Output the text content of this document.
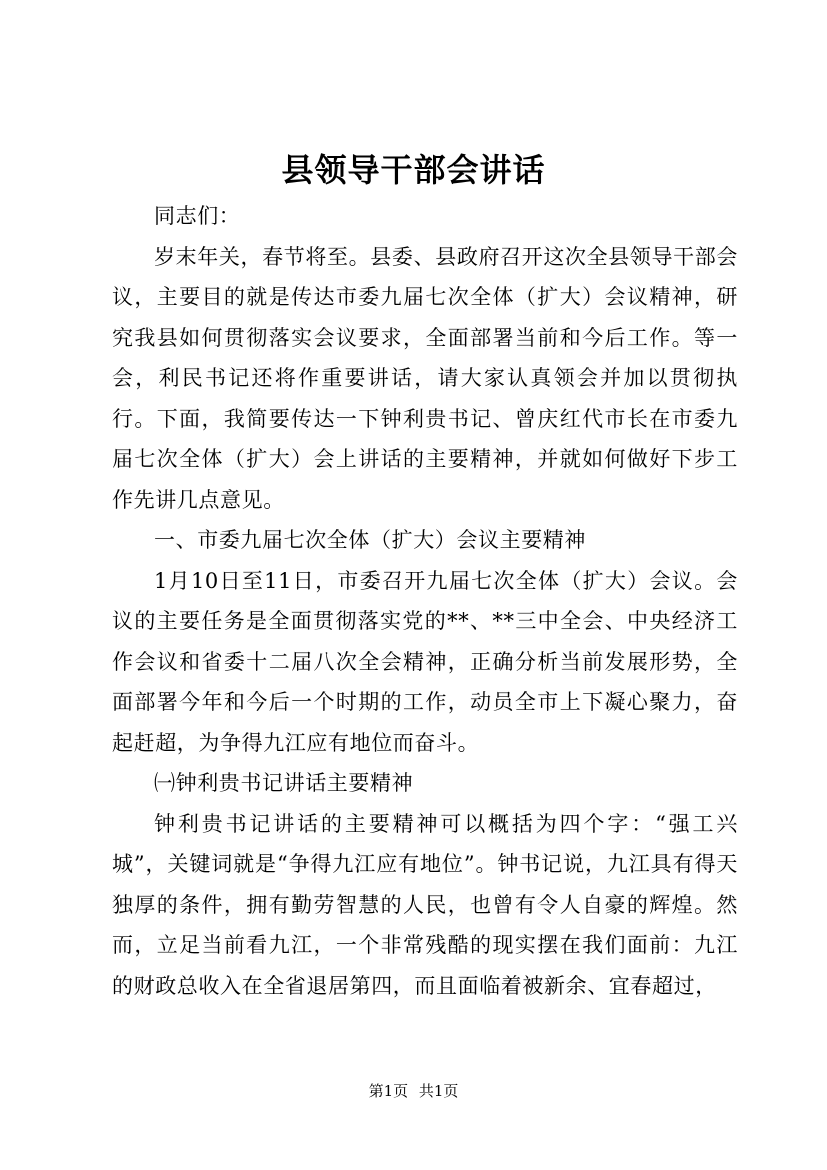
县领导干部会讲话

同志们：

岁末年关，春节将至。县委、县政府召开这次全县领导干部会议，主要目的就是传达市委九届七次全体（扩大）会议精神，研究我县如何贯彻落实会议要求，全面部署当前和今后工作。等一会，利民书记还将作重要讲话，请大家认真领会并加以贯彻执行。下面，我简要传达一下钟利贵书记、曾庆红代市长在市委九届七次全体（扩大）会上讲话的主要精神，并就如何做好下步工作先讲几点意见。

一、市委九届七次全体（扩大）会议主要精神

1月10日至11日，市委召开九届七次全体（扩大）会议。会议的主要任务是全面贯彻落实党的**、**三中全会、中央经济工作会议和省委十二届八次全会精神，正确分析当前发展形势，全面部署今年和今后一个时期的工作，动员全市上下凝心聚力，奋起赶超，为争得九江应有地位而奋斗。

㈠钟利贵书记讲话主要精神

钟利贵书记讲话的主要精神可以概括为四个字：“强工兴城”，关键词就是“争得九江应有地位”。钟书记说，九江具有得天独厚的条件，拥有勤劳智慧的人民，也曾有令人自豪的辉煌。然而，立足当前看九江，一个非常残酷的现实摆在我们面前：九江的财政总收入在全省退居第四，而且面临着被新余、宜春超过，

第1页 共1页
